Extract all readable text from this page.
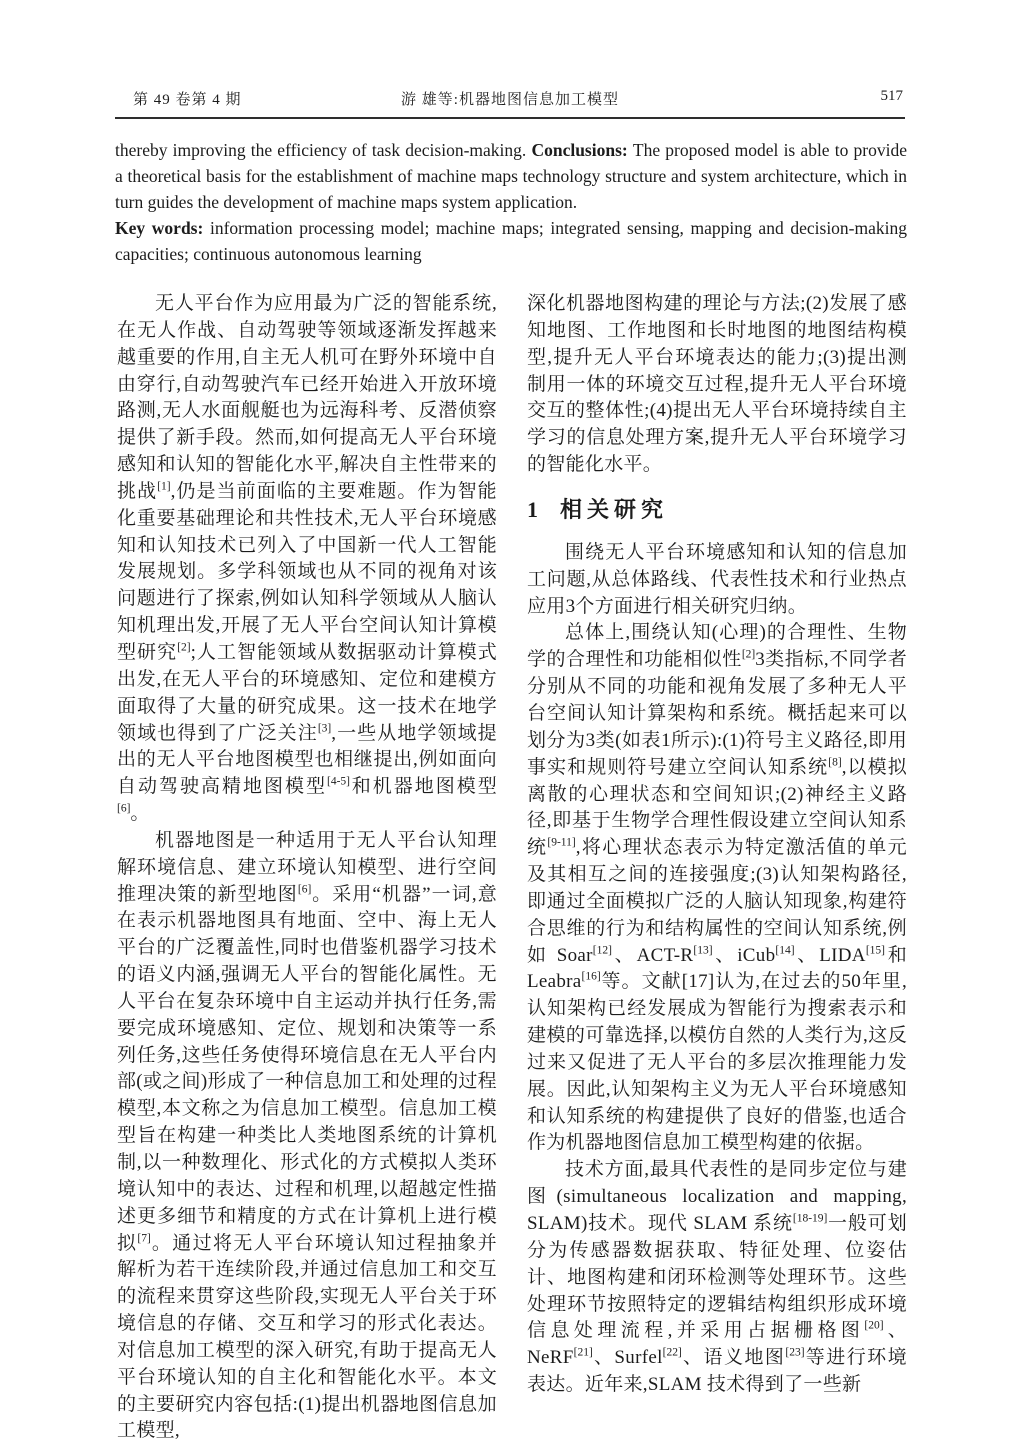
游 雄等:机器地图信息加工模型
第 49 卷第 4 期	517

thereby improving the efficiency of task decision-making. Conclusions: The proposed model is able to provide a theoretical basis for the establishment of machine maps technology structure and system architecture, which in turn guides the development of machine maps system application.

Key words: information processing model; machine maps; integrated sensing, mapping and decision-making capacities; continuous autonomous learning

无人平台作为应用最为广泛的智能系统,在无人作战、自动驾驶等领域逐渐发挥越来越重要的作用,自主无人机可在野外环境中自由穿行,自动驾驶汽车已经开始进入开放环境路测,无人水面舰艇也为远海科考、反潜侦察提供了新手段。然而,如何提高无人平台环境感知和认知的智能化水平,解决自主性带来的挑战[1],仍是当前面临的主要难题。作为智能化重要基础理论和共性技术,无人平台环境感知和认知技术已列入了中国新一代人工智能发展规划。多学科领域也从不同的视角对该问题进行了探索,例如认知科学领域从人脑认知机理出发,开展了无人平台空间认知计算模型研究[2];人工智能领域从数据驱动计算模式出发,在无人平台的环境感知、定位和建模方面取得了大量的研究成果。这一技术在地学领域也得到了广泛关注[3],一些从地学领域提出的无人平台地图模型也相继提出,例如面向自动驾驶高精地图模型[4-5]和机器地图模型[6]。

机器地图是一种适用于无人平台认知理解环境信息、建立环境认知模型、进行空间推理决策的新型地图[6]。采用“机器”一词,意在表示机器地图具有地面、空中、海上无人平台的广泛覆盖性,同时也借鉴机器学习技术的语义内涵,强调无人平台的智能化属性。无人平台在复杂环境中自主运动并执行任务,需要完成环境感知、定位、规划和决策等一系列任务,这些任务使得环境信息在无人平台内部(或之间)形成了一种信息加工和处理的过程模型,本文称之为信息加工模型。信息加工模型旨在构建一种类比人类地图系统的计算机制,以一种数理化、形式化的方式模拟人类环境认知中的表达、过程和机理,以超越定性描述更多细节和精度的方式在计算机上进行模拟[7]。通过将无人平台环境认知过程抽象并解析为若干连续阶段,并通过信息加工和交互的流程来贯穿这些阶段,实现无人平台关于环境信息的存储、交互和学习的形式化表达。对信息加工模型的深入研究,有助于提高无人平台环境认知的自主化和智能化水平。本文的主要研究内容包括:(1)提出机器地图信息加工模型,

深化机器地图构建的理论与方法;(2)发展了感知地图、工作地图和长时地图的地图结构模型,提升无人平台环境表达的能力;(3)提出测制用一体的环境交互过程,提升无人平台环境交互的整体性;(4)提出无人平台环境持续自主学习的信息处理方案,提升无人平台环境学习的智能化水平。

1 相关研究

围绕无人平台环境感知和认知的信息加工问题,从总体路线、代表性技术和行业热点应用3个方面进行相关研究归纳。

总体上,围绕认知(心理)的合理性、生物学的合理性和功能相似性[2]3类指标,不同学者分别从不同的功能和视角发展了多种无人平台空间认知计算架构和系统。概括起来可以划分为3类(如表1所示):(1)符号主义路径,即用事实和规则符号建立空间认知系统[8],以模拟离散的心理状态和空间知识;(2)神经主义路径,即基于生物学合理性假设建立空间认知系统[9-11],将心理状态表示为特定激活值的单元及其相互之间的连接强度;(3)认知架构路径,即通过全面模拟广泛的人脑认知现象,构建符合思维的行为和结构属性的空间认知系统,例如 Soar[12]、ACT-R[13]、iCub[14]、LIDA[15]和 Leabra[16]等。文献[17]认为,在过去的50年里,认知架构已经发展成为智能行为搜索表示和建模的可靠选择,以模仿自然的人类行为,这反过来又促进了无人平台的多层次推理能力发展。因此,认知架构主义为无人平台环境感知和认知系统的构建提供了良好的借鉴,也适合作为机器地图信息加工模型构建的依据。

技术方面,最具代表性的是同步定位与建图(simultaneous localization and mapping, SLAM)技术。现代 SLAM 系统[18-19]一般可划分为传感器数据获取、特征处理、位姿估计、地图构建和闭环检测等处理环节。这些处理环节按照特定的逻辑结构组织形成环境信息处理流程,并采用占据栅格图[20]、NeRF[21]、Surfel[22]、语义地图[23]等进行环境表达。近年来,SLAM 技术得到了一些新
